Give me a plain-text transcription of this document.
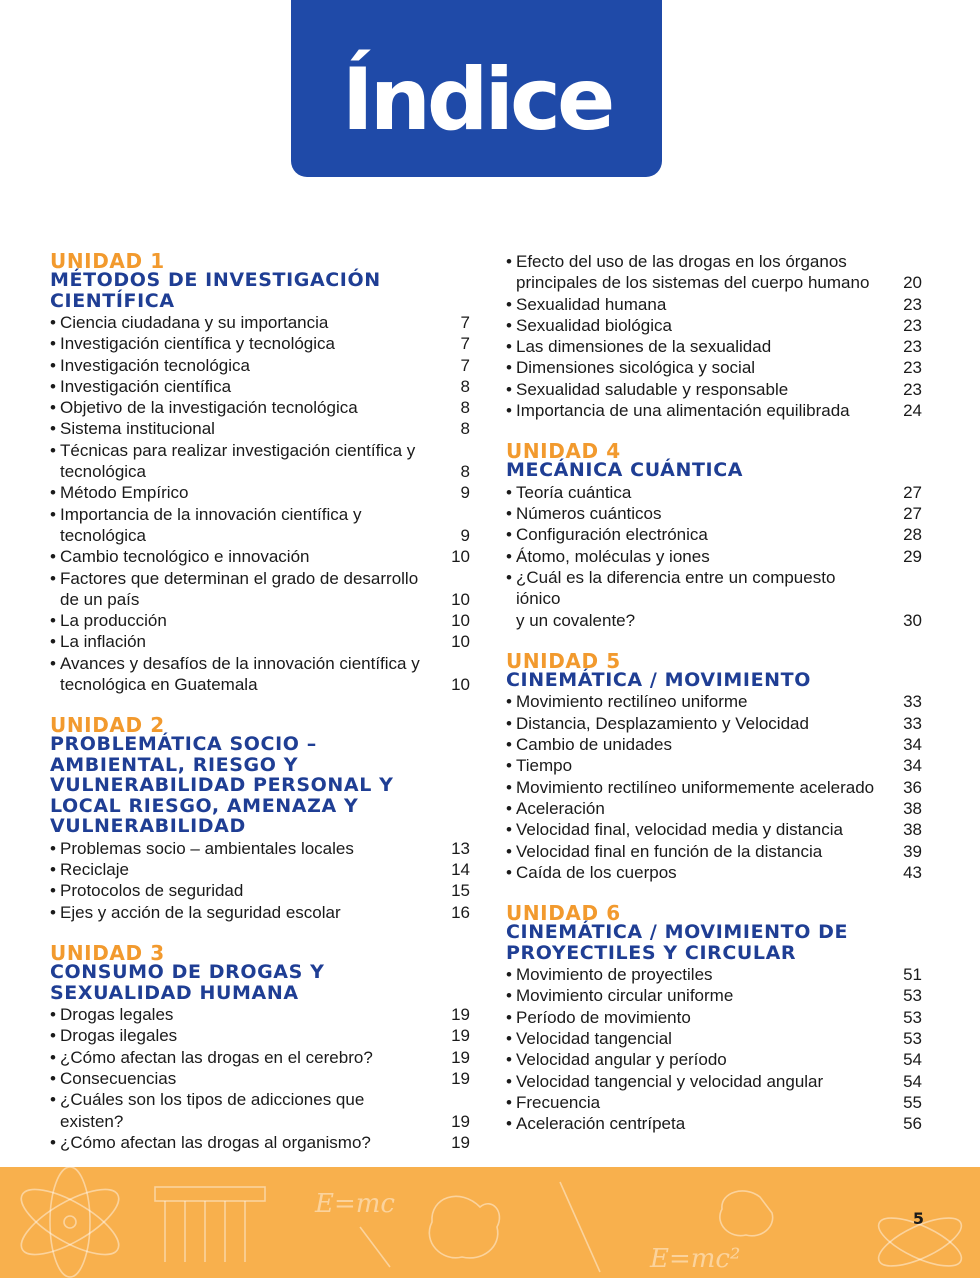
Índice
UNIDAD 1
MÉTODOS DE INVESTIGACIÓN
CIENTÍFICA
• Ciencia ciudadana y su importancia	7
• Investigación científica y tecnológica	7
• Investigación tecnológica	7
• Investigación científica	8
• Objetivo de la investigación tecnológica	8
• Sistema institucional	8
• Técnicas para realizar investigación científica y
tecnológica	8
• Método Empírico	9
• Importancia de la innovación científica y
tecnológica	9
• Cambio tecnológico e innovación	10
• Factores que determinan el grado de desarrollo
de un país	10
• La producción	10
• La inflación	10
• Avances y desafíos de la innovación científica y
tecnológica en Guatemala	10
UNIDAD 2
PROBLEMÁTICA SOCIO –
AMBIENTAL, RIESGO Y
VULNERABILIDAD PERSONAL Y
LOCAL RIESGO, AMENAZA Y
VULNERABILIDAD
• Problemas socio – ambientales locales	13
• Reciclaje	14
• Protocolos de seguridad	15
• Ejes y acción de la seguridad escolar	16
UNIDAD 3
CONSUMO DE DROGAS Y
SEXUALIDAD HUMANA
• Drogas legales	19
• Drogas ilegales	19
• ¿Cómo afectan las drogas en el cerebro?	19
• Consecuencias	19
• ¿Cuáles son los tipos de adicciones que existen?	19
• ¿Cómo afectan las drogas al organismo?	19
• Efecto del uso de las drogas en los órganos
principales de los sistemas del cuerpo humano	20
• Sexualidad humana	23
• Sexualidad biológica	23
• Las dimensiones de la sexualidad	23
• Dimensiones sicológica y social	23
• Sexualidad saludable y responsable	23
• Importancia de una alimentación equilibrada	24
UNIDAD 4
MECÁNICA CUÁNTICA
• Teoría cuántica	27
• Números cuánticos	27
• Configuración electrónica	28
• Átomo, moléculas y iones	29
• ¿Cuál es la diferencia entre un compuesto iónico
y un covalente?	30
UNIDAD 5
CINEMÁTICA / MOVIMIENTO
• Movimiento rectilíneo uniforme	33
• Distancia, Desplazamiento y Velocidad	33
• Cambio de unidades	34
• Tiempo	34
• Movimiento rectilíneo uniformemente acelerado	36
• Aceleración	38
• Velocidad final, velocidad media y distancia	38
• Velocidad final en función de la distancia	39
• Caída de los cuerpos	43
UNIDAD 6
CINEMÁTICA / MOVIMIENTO DE
PROYECTILES Y CIRCULAR
• Movimiento de proyectiles	51
• Movimiento circular uniforme	53
• Período de movimiento	53
• Velocidad tangencial	53
• Velocidad angular y período	54
• Velocidad tangencial y velocidad angular	54
• Frecuencia	55
• Aceleración centrípeta	56
E=mc
E=mc²
5
